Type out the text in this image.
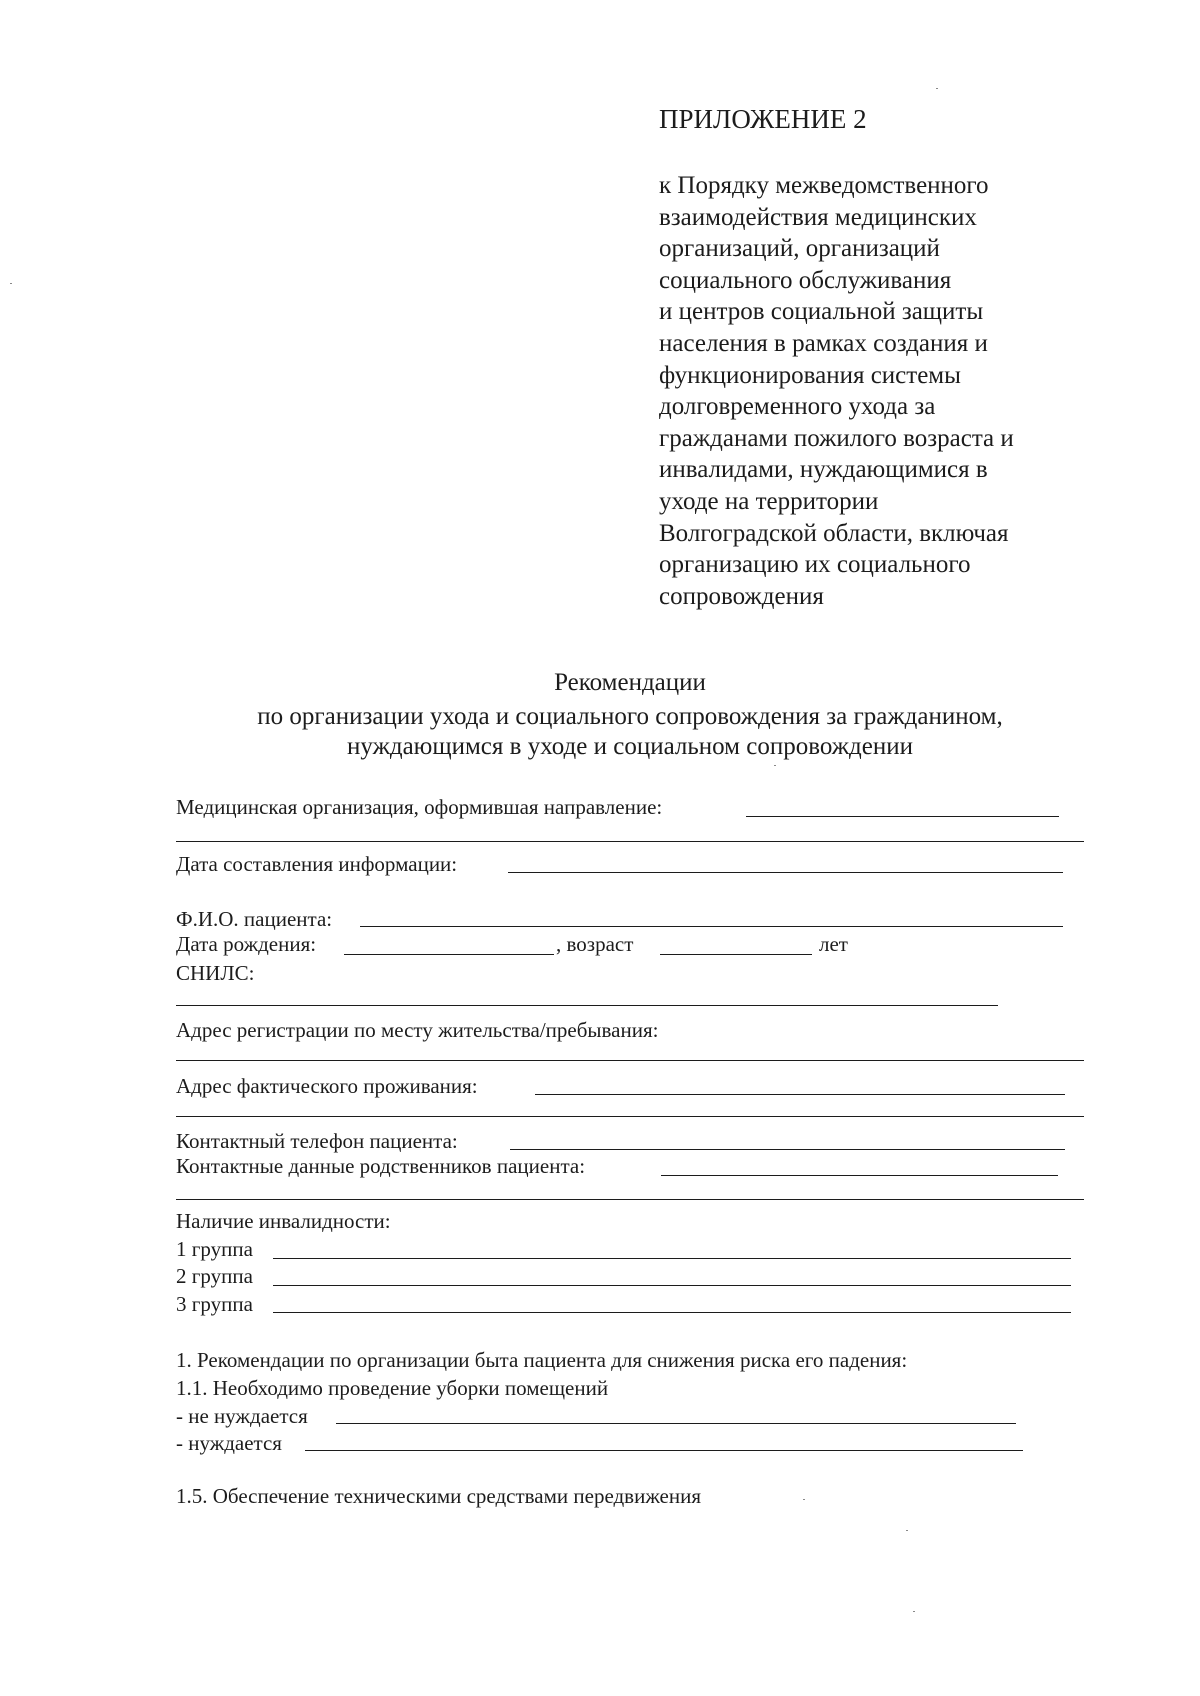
ПРИЛОЖЕНИЕ 2
к Порядку межведомственного
взаимодействия медицинских
организаций, организаций
социального обслуживания
и центров социальной защиты
населения в рамках создания и
функционирования системы
долговременного ухода за
гражданами пожилого возраста и
инвалидами, нуждающимися в
уходе на территории
Волгоградской области, включая
организацию их социального
сопровождения
Рекомендации
по организации ухода и социального сопровождения за гражданином,
нуждающимся в уходе и социальном сопровождении
Медицинская организация, оформившая направление:
Дата составления информации:
Ф.И.О. пациента:
Дата рождения:	, возраст	лет
СНИЛС:
Адрес регистрации по месту жительства/пребывания:
Адрес фактического проживания:
Контактный телефон пациента:
Контактные данные родственников пациента:
Наличие инвалидности:
1 группа
2 группа
3 группа
1. Рекомендации по организации быта пациента для снижения риска его падения:
1.1. Необходимо проведение уборки помещений
- не нуждается
- нуждается
1.5. Обеспечение техническими средствами передвижения
